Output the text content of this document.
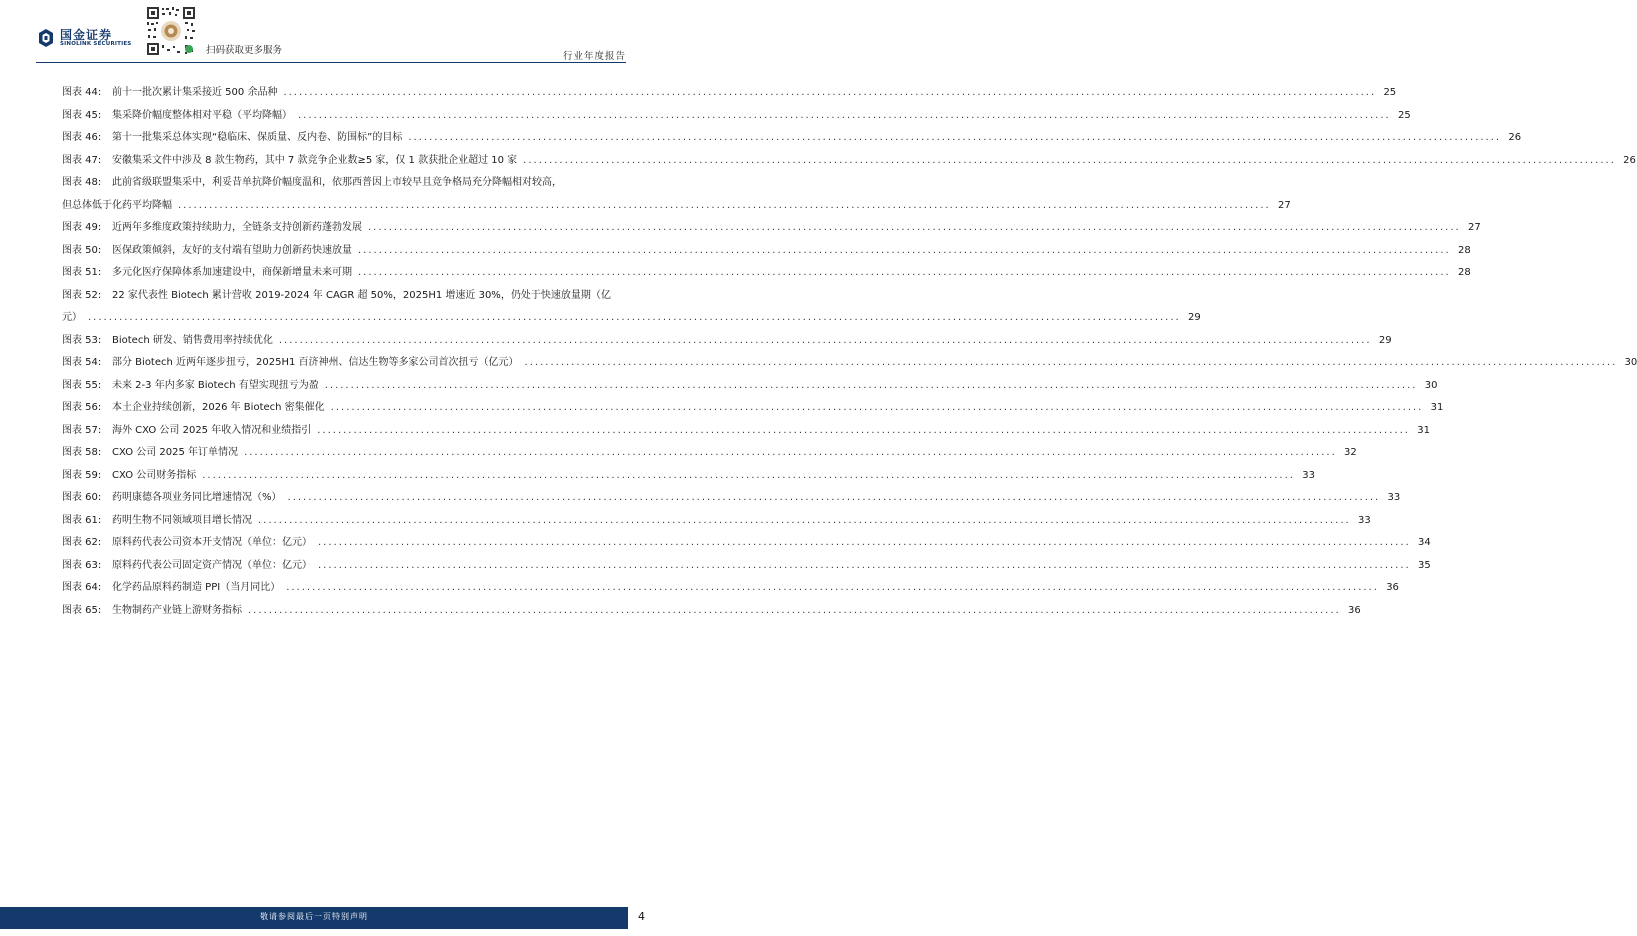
国金证券
SINOLINK SECURITIES
扫码获取更多服务
行业年度报告
图表 44:	前十一批次累计集采接近 500 余品种 .....	25
图表 45:	集采降价幅度整体相对平稳（平均降幅） .....	25
图表 46:	第十一批集采总体实现“稳临床、保质量、反内卷、防围标”的目标 .....	26
图表 47:	安徽集采文件中涉及 8 款生物药，其中 7 款竞争企业数≥5 家，仅 1 款获批企业超过 10 家 .....	26
图表 48:	此前省级联盟集采中，利妥昔单抗降价幅度温和，依那西普因上市较早且竞争格局充分降幅相对较高，
但总体低于化药平均降幅 .....	27
图表 49:	近两年多维度政策持续助力，全链条支持创新药蓬勃发展 .....	27
图表 50:	医保政策倾斜，友好的支付端有望助力创新药快速放量 .....	28
图表 51:	多元化医疗保障体系加速建设中，商保新增量未来可期 .....	28
图表 52:	22 家代表性 Biotech 累计营收 2019-2024 年 CAGR 超 50%，2025H1 增速近 30%，仍处于快速放量期（亿
元） .....	29
图表 53:	Biotech 研发、销售费用率持续优化 .....	29
图表 54:	部分 Biotech 近两年逐步扭亏，2025H1 百济神州、信达生物等多家公司首次扭亏（亿元） .....	30
图表 55:	未来 2-3 年内多家 Biotech 有望实现扭亏为盈 .....	30
图表 56:	本土企业持续创新，2026 年 Biotech 密集催化 .....	31
图表 57:	海外 CXO 公司 2025 年收入情况和业绩指引 .....	31
图表 58:	CXO 公司 2025 年订单情况 .....	32
图表 59:	CXO 公司财务指标 .....	33
图表 60:	药明康德各项业务同比增速情况（%） .....	33
图表 61:	药明生物不同领域项目增长情况 .....	33
图表 62:	原料药代表公司资本开支情况（单位：亿元） .....	34
图表 63:	原料药代表公司固定资产情况（单位：亿元） .....	35
图表 64:	化学药品原料药制造 PPI（当月同比） .....	36
图表 65:	生物制药产业链上游财务指标 .....	36
敬请参阅最后一页特别声明	4
